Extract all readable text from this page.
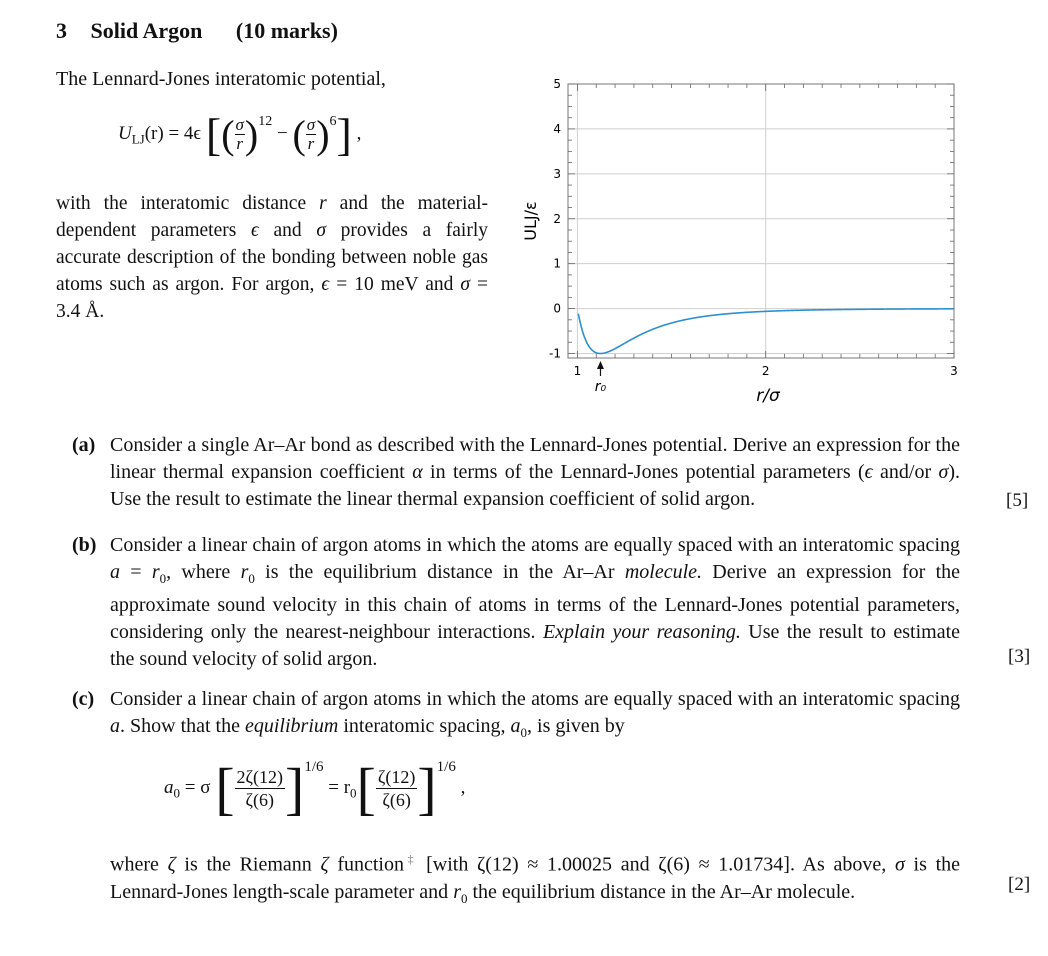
3 Solid Argon (10 marks)
The Lennard-Jones interatomic potential,
$U_{LJ}(r) = 4\epsilon$ [( $\frac{\sigma}{r} )^{12}$ − ( $\frac{\sigma}{r} )^6$] ,
with the interatomic distance r and the material-dependent parameters ϵ and σ provides a fairly accurate description of the bonding between noble gas atoms such as argon. For argon, ϵ = 10 meV and σ = 3.4 Å.
1	2	3
-1
0
1
2
3
4
5
ULJ/ε
r/σ
r₀
(a) Consider a single Ar–Ar bond as described with the Lennard-Jones potential. Derive an expression for the linear thermal expansion coefficient α in terms of the Lennard-Jones potential parameters (ϵ and/or σ). Use the result to estimate the linear thermal expansion coefficient of solid argon.	[5]
(b) Consider a linear chain of argon atoms in which the atoms are equally spaced with an interatomic spacing $a = r_0$, where $r_0$ is the equilibrium distance in the Ar–Ar molecule. Derive an expression for the approximate sound velocity in this chain of atoms in terms of the Lennard-Jones potential parameters, considering only the nearest-neighbour interactions. Explain your reasoning. Use the result to estimate the sound velocity of solid argon.	[3]
(c) Consider a linear chain of argon atoms in which the atoms are equally spaced with an interatomic spacing a. Show that the equilibrium interatomic spacing, $a_0$, is given by
$a_0 = \sigma$ [ $\frac{2\zeta(12)}{\zeta(6)} ]^{1/6} = r_0[ \frac{\zeta(12)}{\zeta(6)} ]^{1/6}$ ,
where ζ is the Riemann ζ function‡ [with ζ(12) ≈ 1.00025 and ζ(6) ≈ 1.01734]. As above, σ is the Lennard-Jones length-scale parameter and $r_0$ the equilibrium distance in the Ar–Ar molecule.	[2]
